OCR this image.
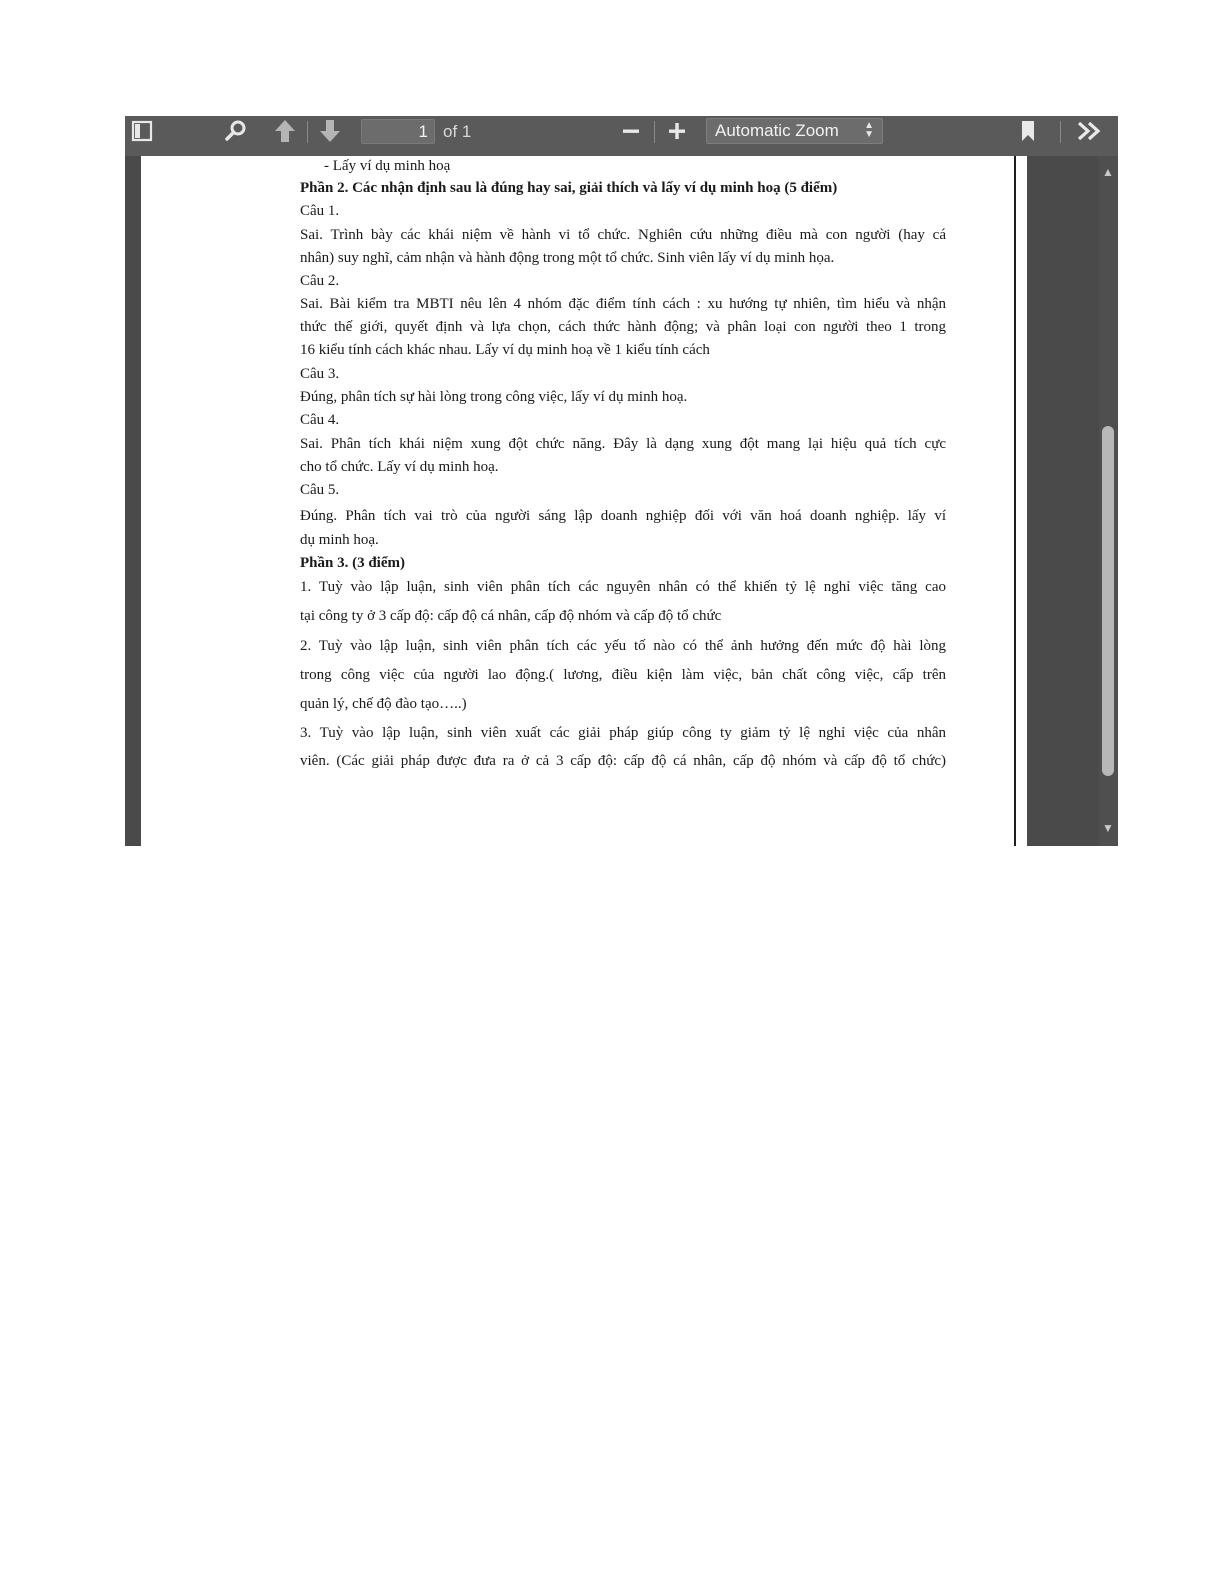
1 of 1	Automatic Zoom	▲
▼
- Lấy ví dụ minh hoạ
Phần 2. Các nhận định sau là đúng hay sai, giải thích và lấy ví dụ minh hoạ (5 điểm)
Câu 1.
Sai. Trình bày các khái niệm về hành vi tổ chức. Nghiên cứu những điều mà con người (hay cá
nhân) suy nghĩ, cảm nhận và hành động trong một tổ chức. Sinh viên lấy ví dụ minh họa.
Câu 2.
Sai. Bài kiểm tra MBTI nêu lên 4 nhóm đặc điểm tính cách : xu hướng tự nhiên, tìm hiểu và nhận
thức thế giới, quyết định và lựa chọn, cách thức hành động; và phân loại con người theo 1 trong
16 kiểu tính cách khác nhau. Lấy ví dụ minh hoạ về 1 kiểu tính cách
Câu 3.
Đúng, phân tích sự hài lòng trong công việc, lấy ví dụ minh hoạ.
Câu 4.
Sai. Phân tích khái niệm xung đột chức năng. Đây là dạng xung đột mang lại hiệu quả tích cực
cho tổ chức. Lấy ví dụ minh hoạ.
Câu 5.
Đúng. Phân tích vai trò của người sáng lập doanh nghiệp đối với văn hoá doanh nghiệp. lấy ví
dụ minh hoạ.
Phần 3. (3 điểm)
1. Tuỳ vào lập luận, sinh viên phân tích các nguyên nhân có thể khiến tỷ lệ nghỉ việc tăng cao
tại công ty ở 3 cấp độ: cấp độ cá nhân, cấp độ nhóm và cấp độ tổ chức
2. Tuỳ vào lập luận, sinh viên phân tích các yếu tố nào có thể ảnh hưởng đến mức độ hài lòng
trong công việc của người lao động.( lương, điều kiện làm việc, bản chất công việc, cấp trên
quản lý, chế độ đào tạo…..)
3. Tuỳ vào lập luận, sinh viên xuất các giải pháp giúp công ty giảm tỷ lệ nghỉ việc của nhân
viên. (Các giải pháp được đưa ra ở cả 3 cấp độ: cấp độ cá nhân, cấp độ nhóm và cấp độ tổ chức)
▲
▼
